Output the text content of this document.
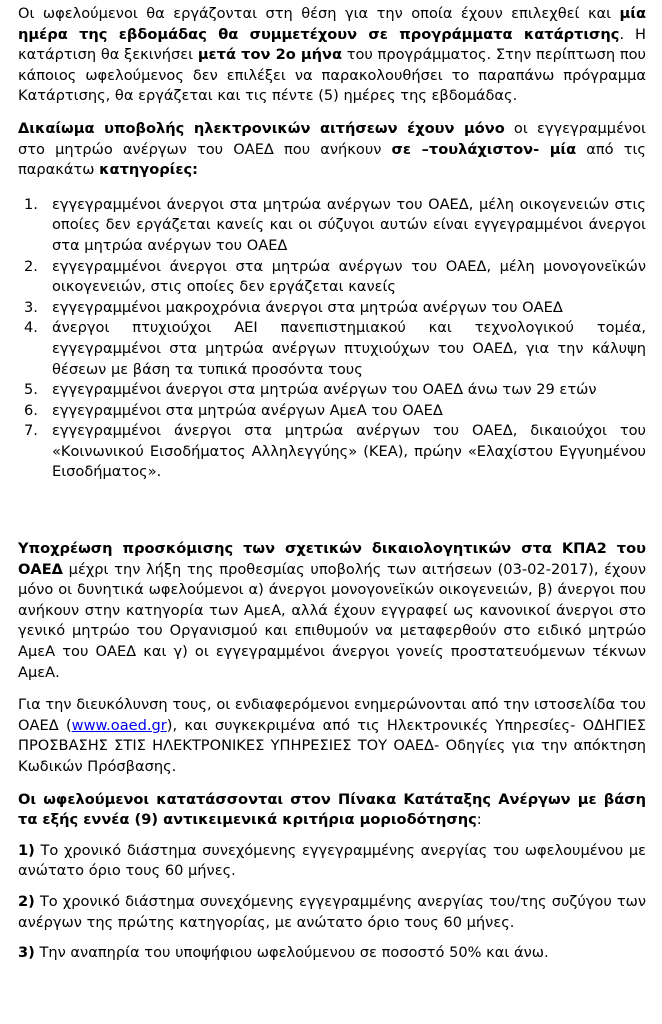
Οι ωφελούμενοι θα εργάζονται στη θέση για την οποία έχουν επιλεχθεί και μία ημέρα της εβδομάδας θα συμμετέχουν σε προγράμματα κατάρτισης. Η κατάρτιση θα ξεκινήσει μετά τον 2ο μήνα του προγράμματος. Στην περίπτωση που κάποιος ωφελούμενος δεν επιλέξει να παρακολουθήσει το παραπάνω πρόγραμμα Κατάρτισης, θα εργάζεται και τις πέντε (5) ημέρες της εβδομάδας.

Δικαίωμα υποβολής ηλεκτρονικών αιτήσεων έχουν μόνο οι εγγεγραμμένοι στο μητρώο ανέργων του ΟΑΕΔ που ανήκουν σε –τουλάχιστον- μία από τις παρακάτω κατηγορίες:

1. εγγεγραμμένοι άνεργοι στα μητρώα ανέργων του ΟΑΕΔ, μέλη οικογενειών στις οποίες δεν εργάζεται κανείς και οι σύζυγοι αυτών είναι εγγεγραμμένοι άνεργοι στα μητρώα ανέργων του ΟΑΕΔ
2. εγγεγραμμένοι άνεργοι στα μητρώα ανέργων του ΟΑΕΔ, μέλη μονογονεϊκών οικογενειών, στις οποίες δεν εργάζεται κανείς
3. εγγεγραμμένοι μακροχρόνια άνεργοι στα μητρώα ανέργων του ΟΑΕΔ
4. άνεργοι πτυχιούχοι ΑΕΙ πανεπιστημιακού και τεχνολογικού τομέα, εγγεγραμμένοι στα μητρώα ανέργων πτυχιούχων του ΟΑΕΔ, για την κάλυψη θέσεων με βάση τα τυπικά προσόντα τους
5. εγγεγραμμένοι άνεργοι στα μητρώα ανέργων του ΟΑΕΔ άνω των 29 ετών
6. εγγεγραμμένοι στα μητρώα ανέργων ΑμεΑ του ΟΑΕΔ
7. εγγεγραμμένοι άνεργοι στα μητρώα ανέργων του ΟΑΕΔ, δικαιούχοι του «Κοινωνικού Εισοδήματος Αλληλεγγύης» (ΚΕΑ), πρώην «Ελαχίστου Εγγυημένου Εισοδήματος».

Υποχρέωση προσκόμισης των σχετικών δικαιολογητικών στα ΚΠΑ2 του ΟΑΕΔ μέχρι την λήξη της προθεσμίας υποβολής των αιτήσεων (03-02-2017), έχουν μόνο οι δυνητικά ωφελούμενοι α) άνεργοι μονογονεϊκών οικογενειών, β) άνεργοι που ανήκουν στην κατηγορία των ΑμεΑ, αλλά έχουν εγγραφεί ως κανονικοί άνεργοι στο γενικό μητρώο του Οργανισμού και επιθυμούν να μεταφερθούν στο ειδικό μητρώο ΑμεΑ του ΟΑΕΔ και γ) οι εγγεγραμμένοι άνεργοι γονείς προστατευόμενων τέκνων ΑμεΑ.

Για την διευκόλυνση τους, οι ενδιαφερόμενοι ενημερώνονται από την ιστοσελίδα του ΟΑΕΔ (www.oaed.gr), και συγκεκριμένα από τις Ηλεκτρονικές Υπηρεσίες- ΟΔΗΓΙΕΣ ΠΡΟΣΒΑΣΗΣ ΣΤΙΣ ΗΛΕΚΤΡΟΝΙΚΕΣ ΥΠΗΡΕΣΙΕΣ ΤΟΥ ΟΑΕΔ- Οδηγίες για την απόκτηση Κωδικών Πρόσβασης.

Οι ωφελούμενοι κατατάσσονται στον Πίνακα Κατάταξης Ανέργων με βάση τα εξής εννέα (9) αντικειμενικά κριτήρια μοριοδότησης:

1) Το χρονικό διάστημα συνεχόμενης εγγεγραμμένης ανεργίας του ωφελουμένου με ανώτατο όριο τους 60 μήνες.

2) Το χρονικό διάστημα συνεχόμενης εγγεγραμμένης ανεργίας του/της συζύγου των ανέργων της πρώτης κατηγορίας, με ανώτατο όριο τους 60 μήνες.

3) Την αναπηρία του υποψήφιου ωφελούμενου σε ποσοστό 50% και άνω.
